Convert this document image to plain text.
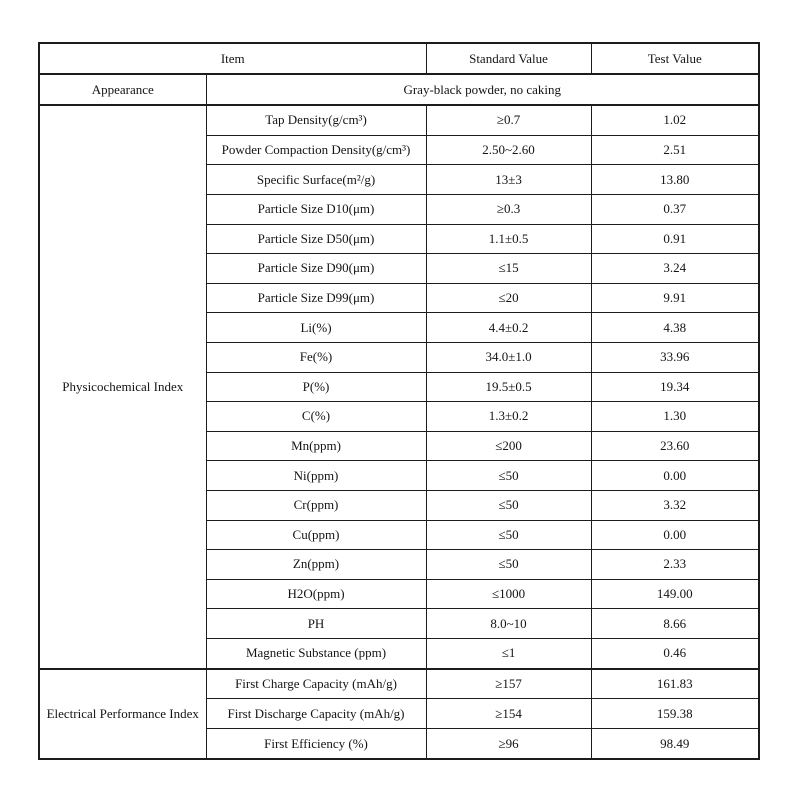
Item		Standard Value	Test Value
Appearance	Gray-black powder, no caking		
Physicochemical Index	Tap Density(g/cm³)	≥0.7	1.02
	Powder Compaction Density(g/cm³)	2.50~2.60	2.51
	Specific Surface(m²/g)	13±3	13.80
	Particle Size D10(μm)	≥0.3	0.37
	Particle Size D50(μm)	1.1±0.5	0.91
	Particle Size D90(μm)	≤15	3.24
	Particle Size D99(μm)	≤20	9.91
	Li(%)	4.4±0.2	4.38
	Fe(%)	34.0±1.0	33.96
	P(%)	19.5±0.5	19.34
	C(%)	1.3±0.2	1.30
	Mn(ppm)	≤200	23.60
	Ni(ppm)	≤50	0.00
	Cr(ppm)	≤50	3.32
	Cu(ppm)	≤50	0.00
	Zn(ppm)	≤50	2.33
	H2O(ppm)	≤1000	149.00
	PH	8.0~10	8.66
	Magnetic Substance (ppm)	≤1	0.46
Electrical Performance Index	First Charge Capacity (mAh/g)	≥157	161.83
	First Discharge Capacity (mAh/g)	≥154	159.38
	First Efficiency (%)	≥96	98.49
